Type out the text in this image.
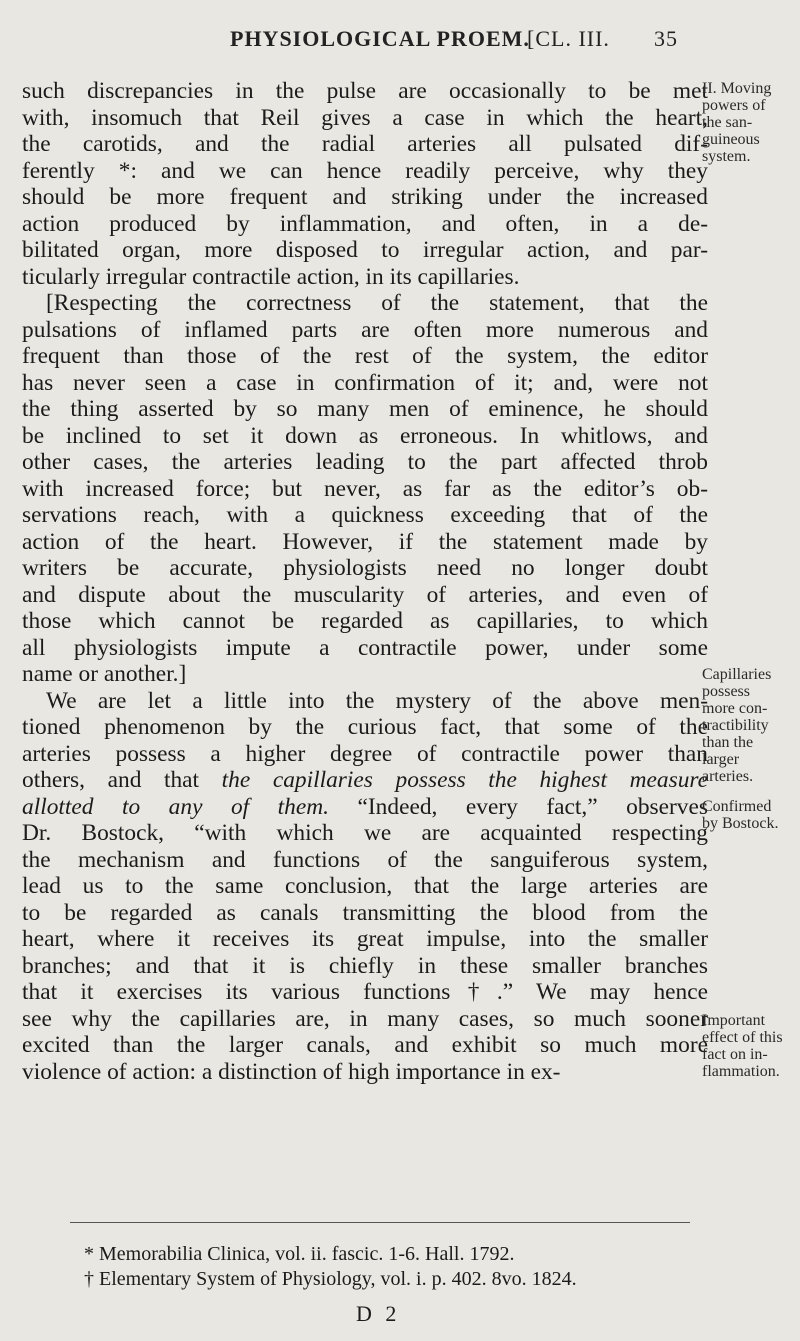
PHYSIOLOGICAL PROEM.
[CL. III. 35
such discrepancies in the pulse are occasionally to be met
with, insomuch that Reil gives a case in which the heart,
the carotids, and the radial arteries all pulsated dif-
ferently *: and we can hence readily perceive, why they
should be more frequent and striking under the increased
action produced by inflammation, and often, in a de-
bilitated organ, more disposed to irregular action, and par-
ticularly irregular contractile action, in its capillaries.
[Respecting the correctness of the statement, that the
pulsations of inflamed parts are often more numerous and
frequent than those of the rest of the system, the editor
has never seen a case in confirmation of it; and, were not
the thing asserted by so many men of eminence, he should
be inclined to set it down as erroneous. In whitlows, and
other cases, the arteries leading to the part affected throb
with increased force; but never, as far as the editor’s ob-
servations reach, with a quickness exceeding that of the
action of the heart. However, if the statement made by
writers be accurate, physiologists need no longer doubt
and dispute about the muscularity of arteries, and even of
those which cannot be regarded as capillaries, to which
all physiologists impute a contractile power, under some
name or another.]
We are let a little into the mystery of the above men-
tioned phenomenon by the curious fact, that some of the
arteries possess a higher degree of contractile power than
others, and that the capillaries possess the highest measure
allotted to any of them. “Indeed, every fact,” observes
Dr. Bostock, “with which we are acquainted respecting
the mechanism and functions of the sanguiferous system,
lead us to the same conclusion, that the large arteries are
to be regarded as canals transmitting the blood from the
heart, where it receives its great impulse, into the smaller
branches; and that it is chiefly in these smaller branches
that it exercises its various functions†.” We may hence
see why the capillaries are, in many cases, so much sooner
excited than the larger canals, and exhibit so much more
violence of action: a distinction of high importance in ex-
II. Moving
powers of
the san-
guineous
system.
Capillaries
possess
more con-
tractibility
than the
larger
arteries.
Confirmed
by Bostock.
Important
effect of this
fact on in-
flammation.
* Memorabilia Clinica, vol. ii. fascic. 1-6. Hall. 1792.
† Elementary System of Physiology, vol. i. p. 402. 8vo. 1824.
D 2
